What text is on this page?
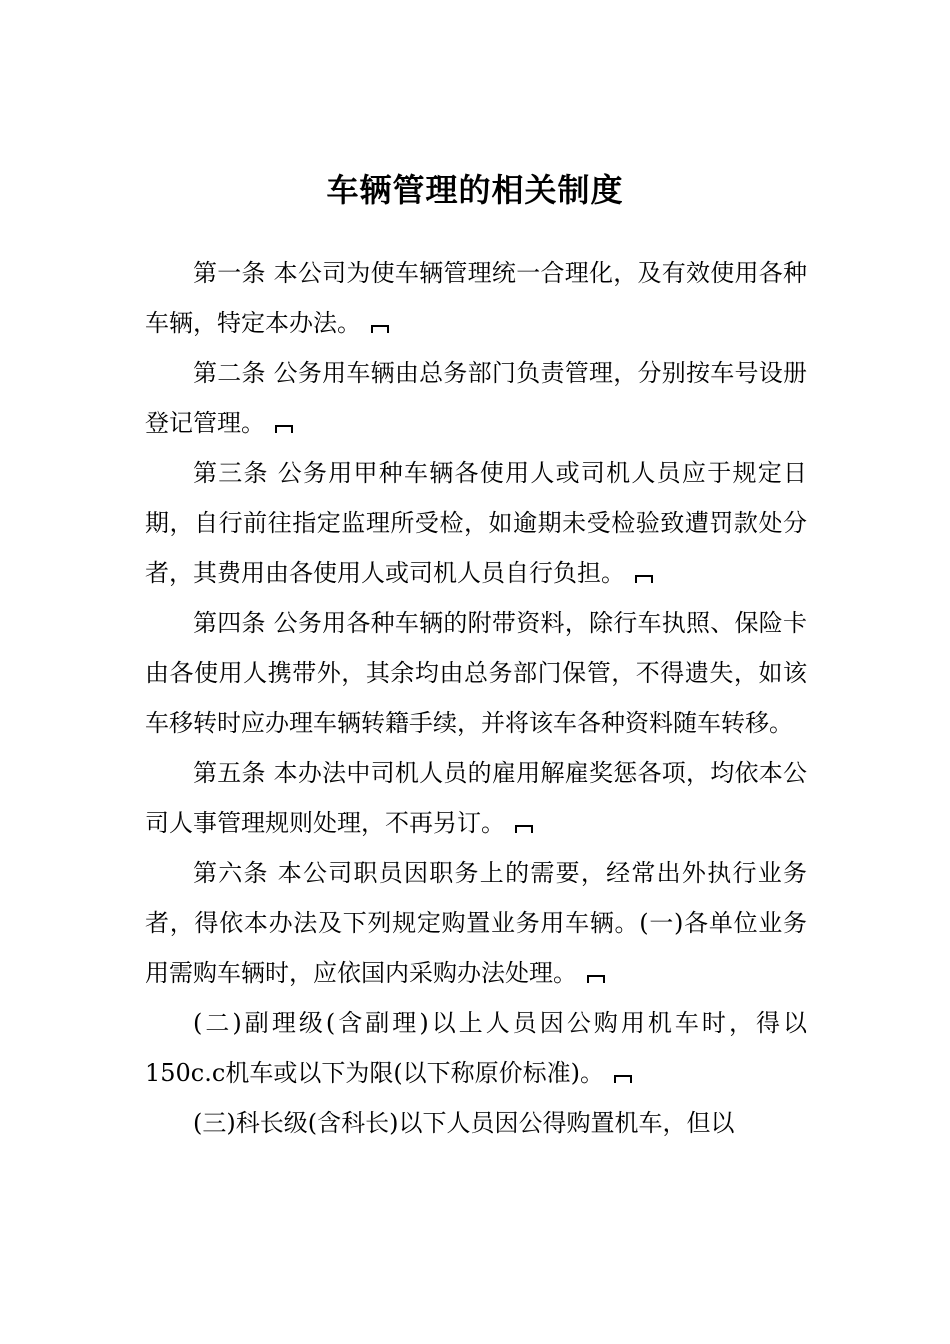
车辆管理的相关制度

第一条 本公司为使车辆管理统一合理化，及有效使用各种车辆，特定本办法。

第二条 公务用车辆由总务部门负责管理，分别按车号设册登记管理。

第三条 公务用甲种车辆各使用人或司机人员应于规定日期，自行前往指定监理所受检，如逾期未受检验致遭罚款处分者，其费用由各使用人或司机人员自行负担。

第四条 公务用各种车辆的附带资料，除行车执照、保险卡由各使用人携带外，其余均由总务部门保管，不得遗失，如该车移转时应办理车辆转籍手续，并将该车各种资料随车转移。

第五条 本办法中司机人员的雇用解雇奖惩各项，均依本公司人事管理规则处理，不再另订。

第六条 本公司职员因职务上的需要，经常出外执行业务者，得依本办法及下列规定购置业务用车辆。(一)各单位业务用需购车辆时，应依国内采购办法处理。

(二)副理级(含副理)以上人员因公购用机车时，得以150c.c机车或以下为限(以下称原价标准)。

(三)科长级(含科长)以下人员因公得购置机车，但以
